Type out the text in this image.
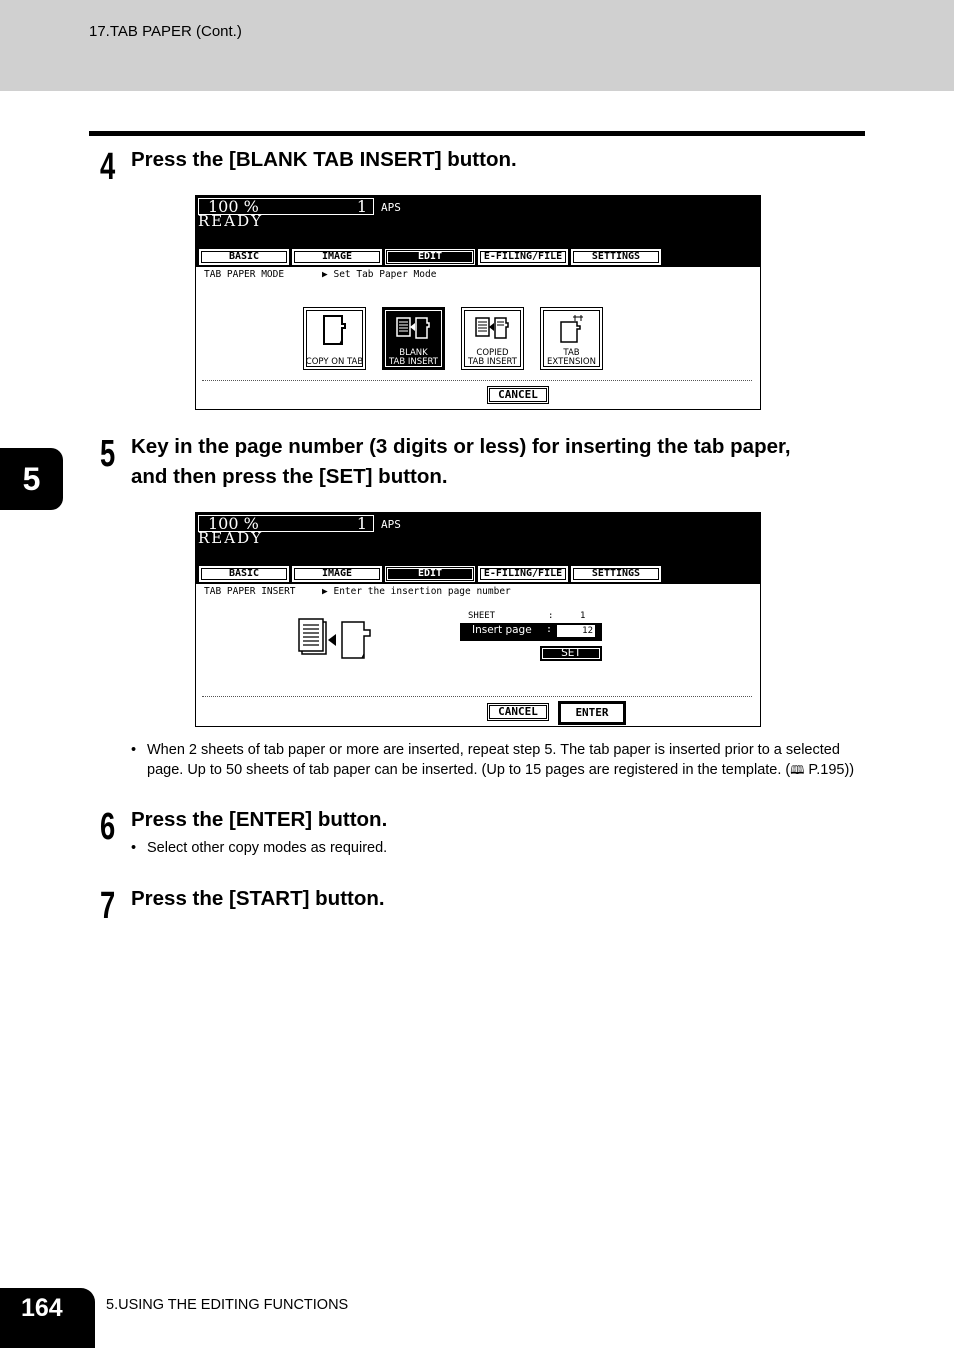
17.TAB PAPER (Cont.)
5
4 Press the [BLANK TAB INSERT] button.
100 %	1 APS
READY
BASIC	IMAGE	EDIT	E-FILING/FILE	SETTINGS
TAB PAPER MODE	▶ Set Tab Paper Mode
COPY ON TAB
BLANK
TAB INSERT
COPIED
TAB INSERT
TAB
EXTENSION
CANCEL
5 Key in the page number (3 digits or less) for inserting the tab paper,
and then press the [SET] button.
100 %	1 APS
READY
BASIC	IMAGE	EDIT	E-FILING/FILE	SETTINGS
TAB PAPER INSERT	▶ Enter the insertion page number
SHEET	:	1
Insert page :	12
SET
CANCEL	ENTER
• When 2 sheets of tab paper or more are inserted, repeat step 5. The tab paper is inserted prior to a selected
page. Up to 50 sheets of tab paper can be inserted. (Up to 15 pages are registered in the template. (🕮 P.195))
6 Press the [ENTER] button.
• Select other copy modes as required.
7 Press the [START] button.
164	5.USING THE EDITING FUNCTIONS
